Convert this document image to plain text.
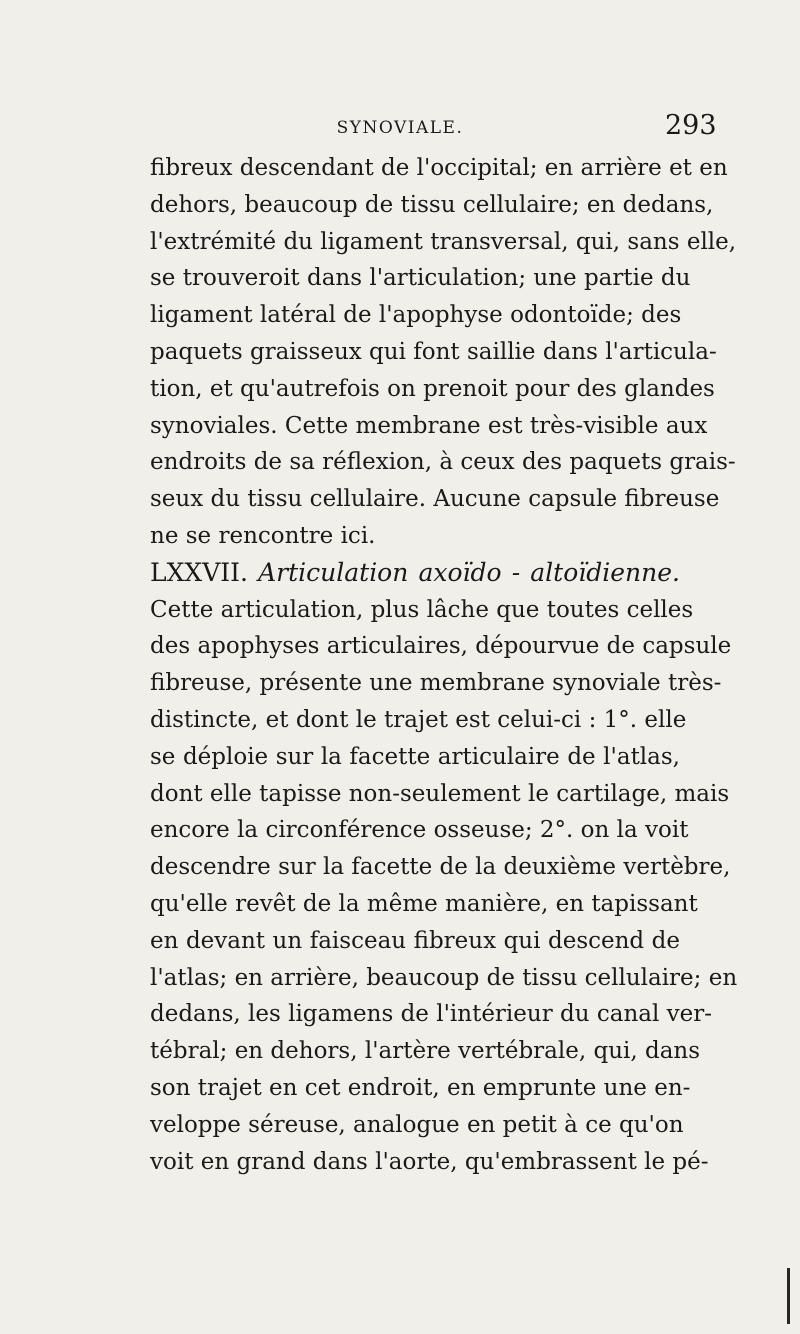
SYNOVIALE.	293
fibreux descendant de l'occipital; en arrière et en
dehors, beaucoup de tissu cellulaire; en dedans,
l'extrémité du ligament transversal, qui, sans elle,
se trouveroit dans l'articulation; une partie du
ligament latéral de l'apophyse odontoïde; des
paquets graisseux qui font saillie dans l'articula-
tion, et qu'autrefois on prenoit pour des glandes
synoviales. Cette membrane est très-visible aux
endroits de sa réflexion, à ceux des paquets grais-
seux du tissu cellulaire. Aucune capsule fibreuse
ne se rencontre ici.
LXXVII. Articulation axoïdo - altoïdienne.
Cette articulation, plus lâche que toutes celles
des apophyses articulaires, dépourvue de capsule
fibreuse, présente une membrane synoviale très-
distincte, et dont le trajet est celui-ci : 1°. elle
se déploie sur la facette articulaire de l'atlas,
dont elle tapisse non-seulement le cartilage, mais
encore la circonférence osseuse; 2°. on la voit
descendre sur la facette de la deuxième vertèbre,
qu'elle revêt de la même manière, en tapissant
en devant un faisceau fibreux qui descend de
l'atlas; en arrière, beaucoup de tissu cellulaire; en
dedans, les ligamens de l'intérieur du canal ver-
tébral; en dehors, l'artère vertébrale, qui, dans
son trajet en cet endroit, en emprunte une en-
veloppe séreuse, analogue en petit à ce qu'on
voit en grand dans l'aorte, qu'embrassent le pé-
